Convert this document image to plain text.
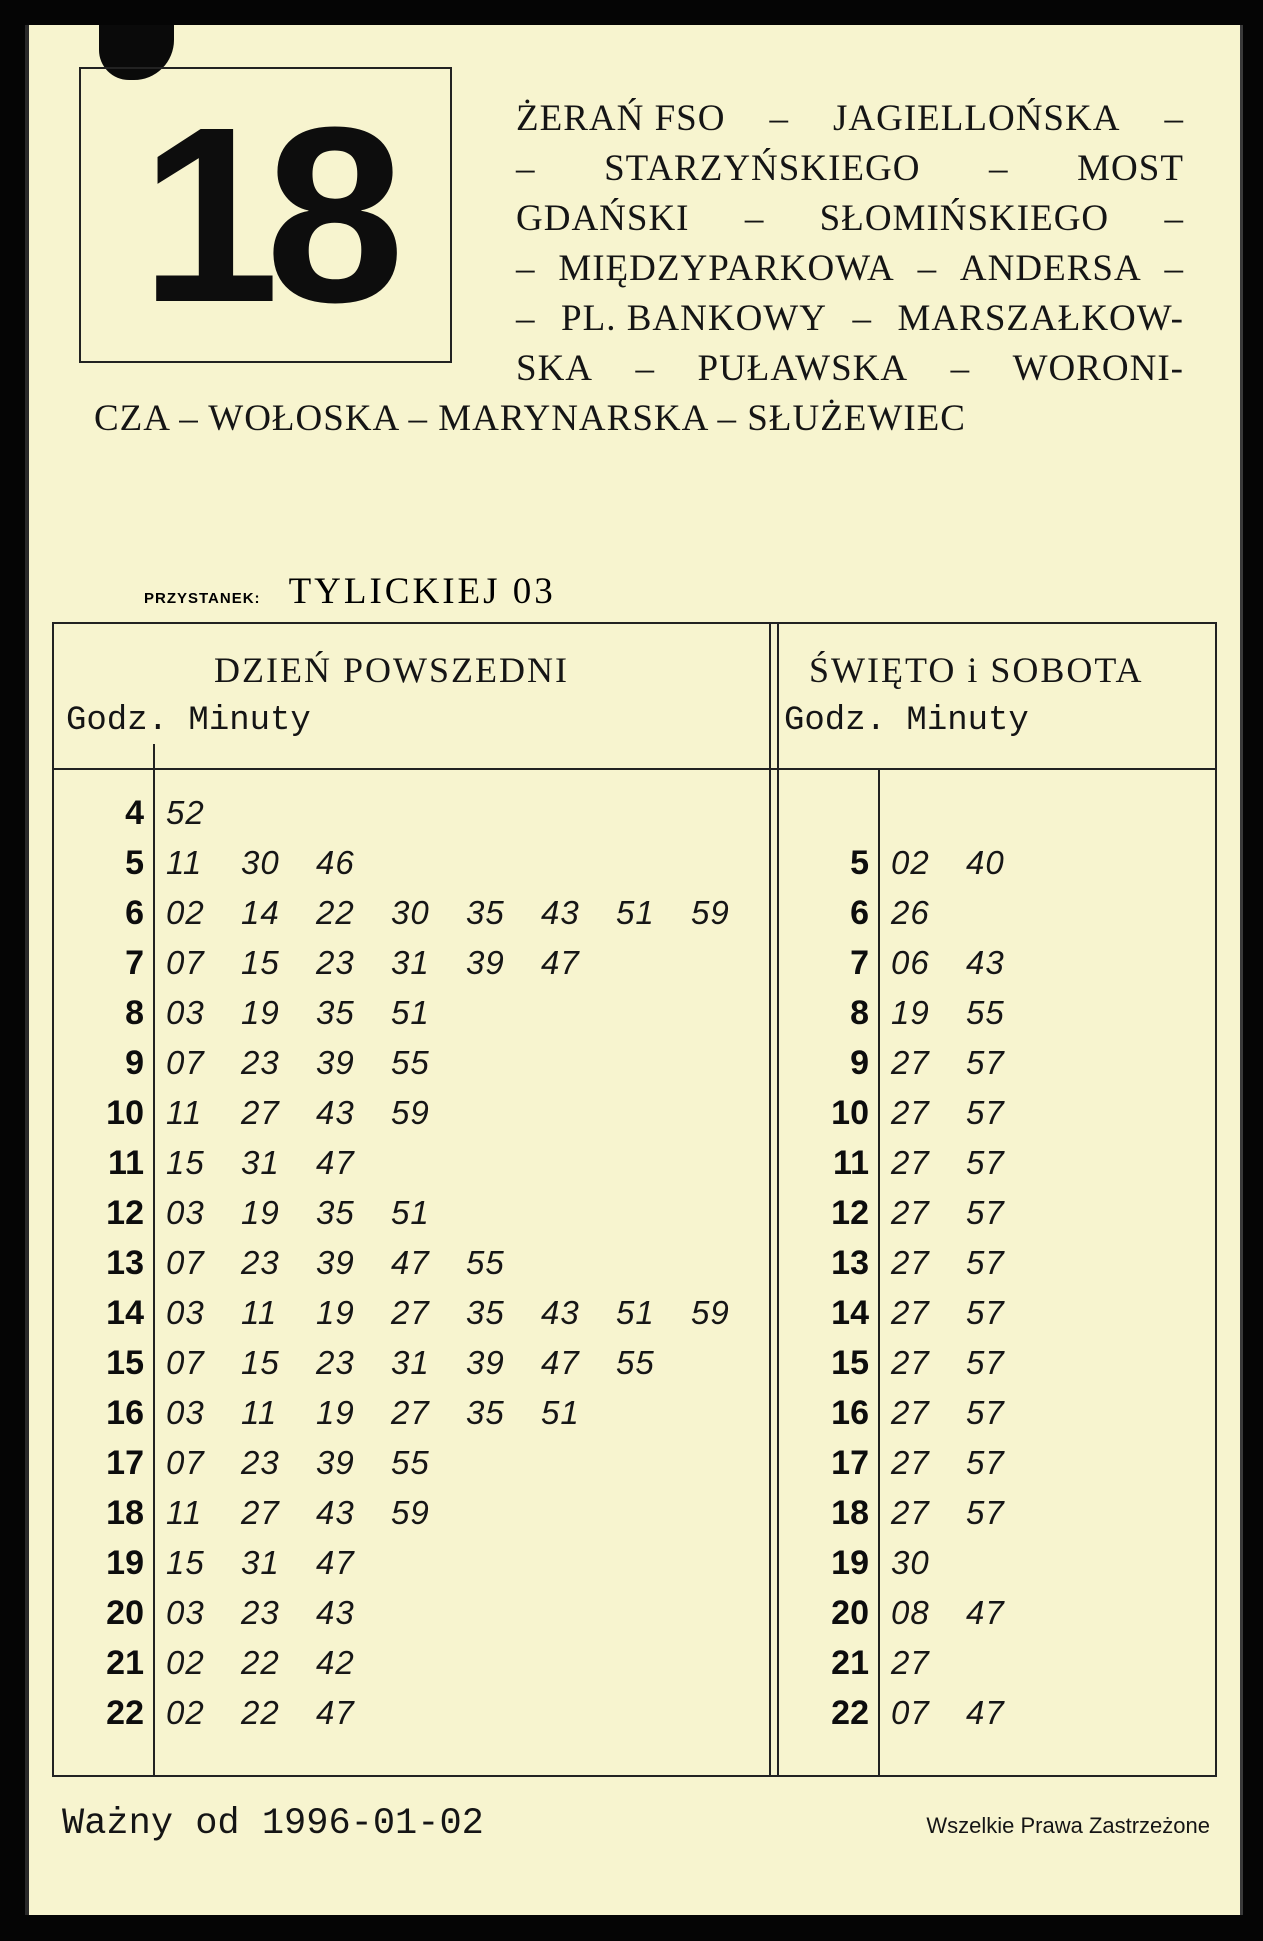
18	ŻERAŃ FSO – JAGIELLOŃSKA –
– STARZYŃSKIEGO – MOST
GDAŃSKI – SŁOMIŃSKIEGO –
– MIĘDZYPARKOWA – ANDERSA –
– PL. BANKOWY – MARSZAŁKOW-
SKA – PUŁAWSKA – WORONI-
CZA – WOŁOSKA – MARYNARSKA – SŁUŻEWIEC
PRZYSTANEK: TYLICKIEJ 03
DZIEŃ POWSZEDNI
Godz. Minuty
ŚWIĘTO i SOBOTA
Godz. Minuty
4 52
5 11	30	46
6 02	14	22	30	35	43	51	59
7 07	15	23	31	39	47
8 03	19	35	51
9 07	23	39	55
10 11	27	43	59
11 15	31	47
12 03	19	35	51
13 07	23	39	47	55
14 03	11	19	27	35	43	51	59
15 07	15	23	31	39	47	55
16 03	11	19	27	35	51
17 07	23	39	55
18 11	27	43	59
19 15	31	47
20 03	23	43
21 02	22	42
22 02	22	47
5 02	40
6 26
7 06	43
8 19	55
9 27	57
10 27	57
11 27	57
12 27	57
13 27	57
14 27	57
15 27	57
16 27	57
17 27	57
18 27	57
19 30
20 08	47
21 27
22 07	47
Ważny od 1996-01-02	Wszelkie Prawa Zastrzeżone
